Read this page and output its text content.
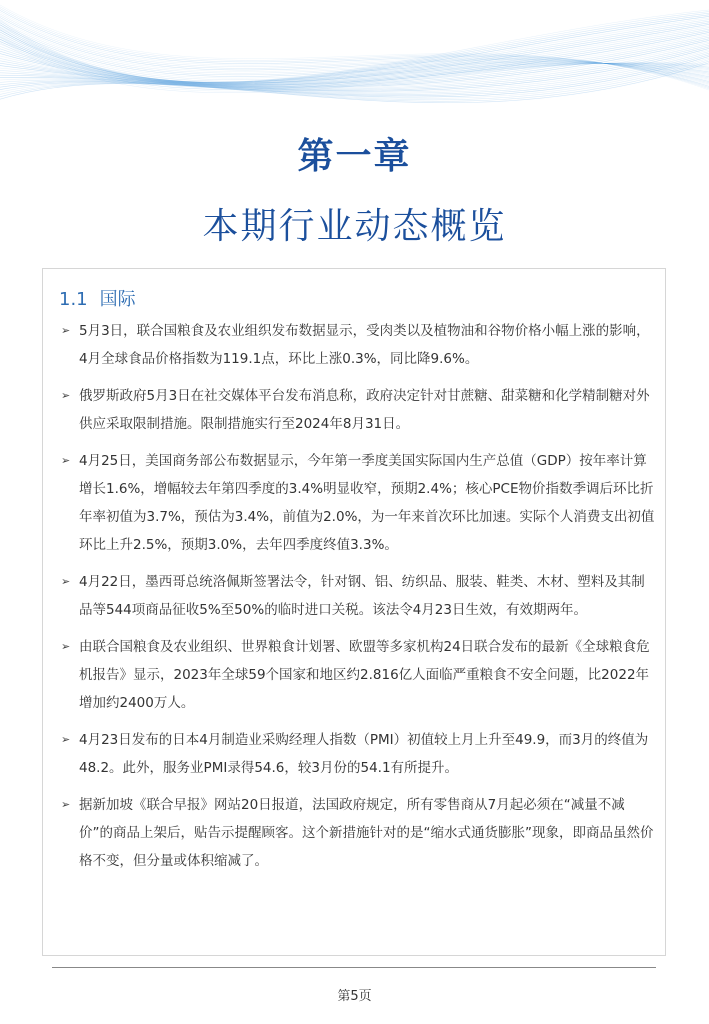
第一章
本期行业动态概览
1.1 国际
➢ 5月3日，联合国粮食及农业组织发布数据显示，受肉类以及植物油和谷物价格小幅上涨的影响，4月全球食品价格指数为119.1点，环比上涨0.3%，同比降9.6%。
➢ 俄罗斯政府5月3日在社交媒体平台发布消息称，政府决定针对甘蔗糖、甜菜糖和化学精制糖对外供应采取限制措施。限制措施实行至2024年8月31日。
➢ 4月25日，美国商务部公布数据显示，今年第一季度美国实际国内生产总值（GDP）按年率计算增长1.6%，增幅较去年第四季度的3.4%明显收窄，预期2.4%；核心PCE物价指数季调后环比折年率初值为3.7%，预估为3.4%，前值为2.0%，为一年来首次环比加速。实际个人消费支出初值环比上升2.5%，预期3.0%，去年四季度终值3.3%。
➢ 4月22日，墨西哥总统洛佩斯签署法令，针对钢、铝、纺织品、服装、鞋类、木材、塑料及其制品等544项商品征收5%至50%的临时进口关税。该法令4月23日生效，有效期两年。
➢ 由联合国粮食及农业组织、世界粮食计划署、欧盟等多家机构24日联合发布的最新《全球粮食危机报告》显示，2023年全球59个国家和地区约2.816亿人面临严重粮食不安全问题，比2022年增加约2400万人。
➢ 4月23日发布的日本4月制造业采购经理人指数（PMI）初值较上月上升至49.9，而3月的终值为48.2。此外，服务业PMI录得54.6，较3月份的54.1有所提升。
➢ 据新加坡《联合早报》网站20日报道，法国政府规定，所有零售商从7月起必须在“减量不减价”的商品上架后，贴告示提醒顾客。这个新措施针对的是“缩水式通货膨胀”现象，即商品虽然价格不变，但分量或体积缩减了。
第5页
